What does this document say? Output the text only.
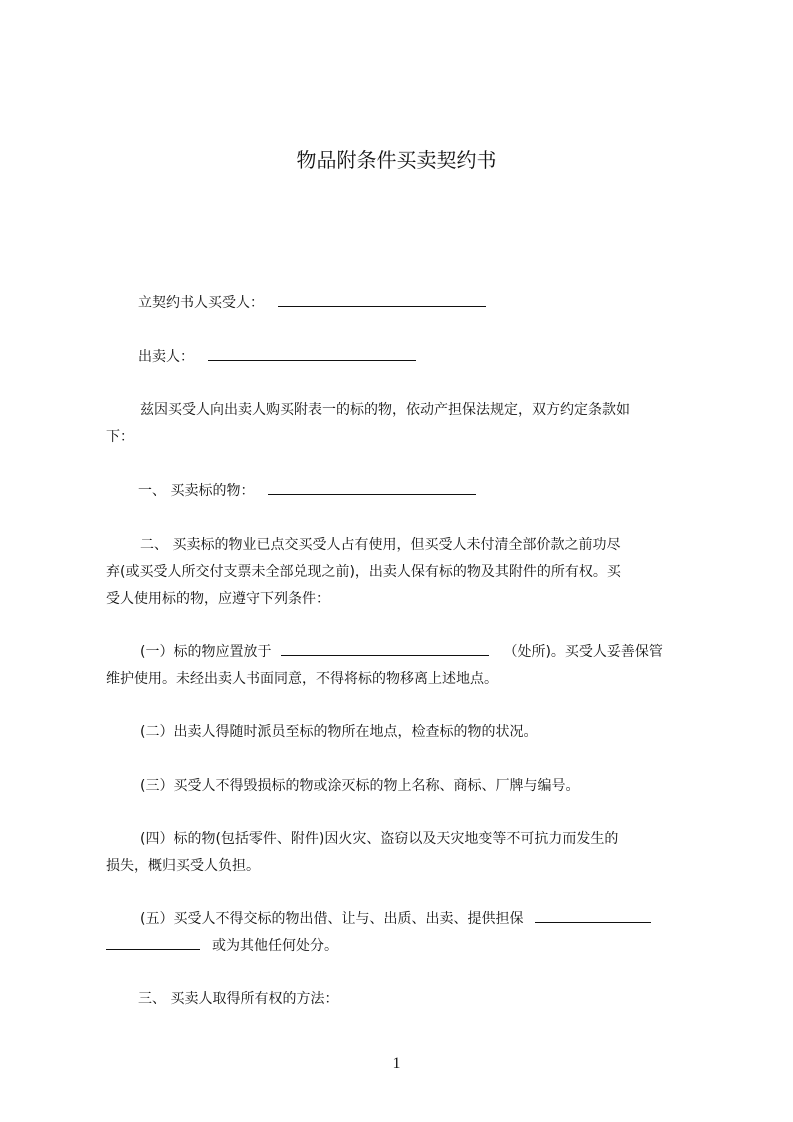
物品附条件买卖契约书
立契约书人买受人：
出卖人：
兹因买受人向出卖人购买附表一的标的物，依动产担保法规定，双方约定条款如
下：
一、 买卖标的物：
二、 买卖标的物业已点交买受人占有使用，但买受人未付清全部价款之前功尽
弃(或买受人所交付支票未全部兑现之前)，出卖人保有标的物及其附件的所有权。买
受人使用标的物，应遵守下列条件：
(一）标的物应置放于	（处所)。买受人妥善保管
维护使用。未经出卖人书面同意，不得将标的物移离上述地点。
(二）出卖人得随时派员至标的物所在地点，检查标的物的状况。
(三）买受人不得毁损标的物或涂灭标的物上名称、商标、厂牌与编号。
(四）标的物(包括零件、附件)因火灾、盗窃以及天灾地变等不可抗力而发生的
损失，概归买受人负担。
(五）买受人不得交标的物出借、让与、出质、出卖、提供担保
或为其他任何处分。
三、 买卖人取得所有权的方法：
1
